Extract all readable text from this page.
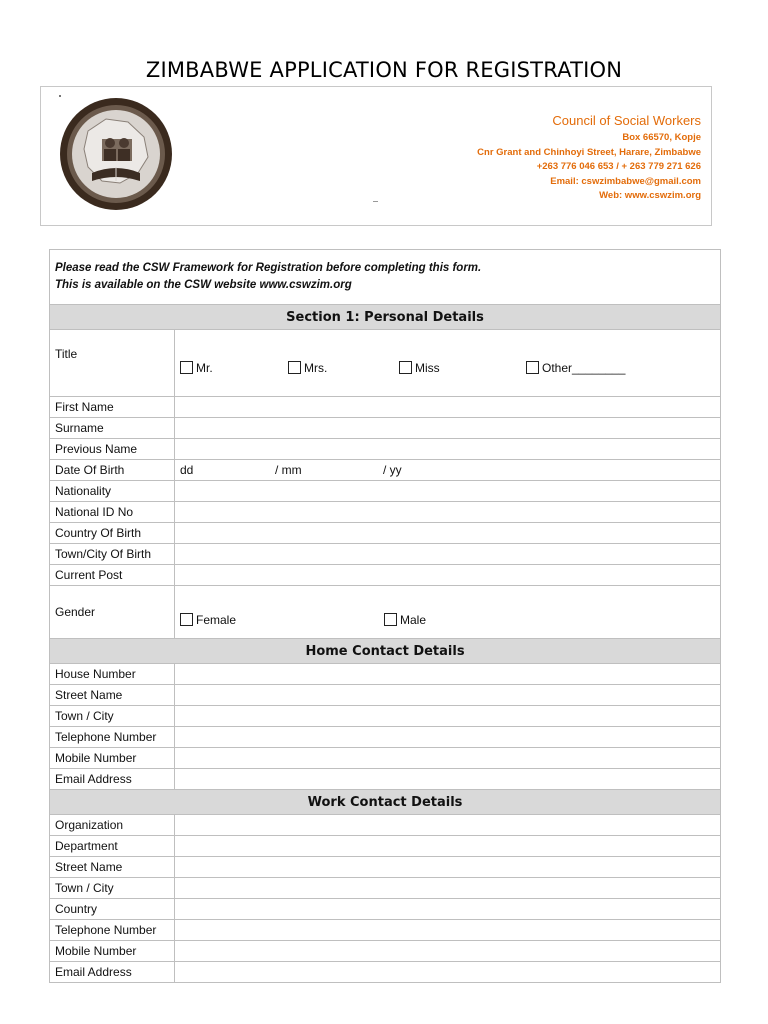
ZIMBABWE APPLICATION FOR REGISTRATION
Council of Social Workers
Box 66570, Kopje
Cnr Grant and Chinhoyi Street, Harare, Zimbabwe
+263 776 046 653 / + 263 779 271 626
Email: cswzimbabwe@gmail.com
Web: www.cswzim.org
Please read the CSW Framework for Registration before completing this form.
This is available on the CSW website www.cswzim.org	

Section 1: Personal Details	
Title	Mr. Mrs. Miss Other________

First Name	
Surname	
Previous Name	
Date Of Birth	dd / mm / yy

Nationality	
National ID No	
Country Of Birth	
Town/City Of Birth	
Current Post	
Gender	Female Male

Home Contact Details	
House Number	
Street Name	
Town / City	
Telephone Number	
Mobile Number	
Email Address	
Work Contact Details	
Organization	
Department	
Street Name	
Town / City	
Country	
Telephone Number	
Mobile Number	
Email Address	
